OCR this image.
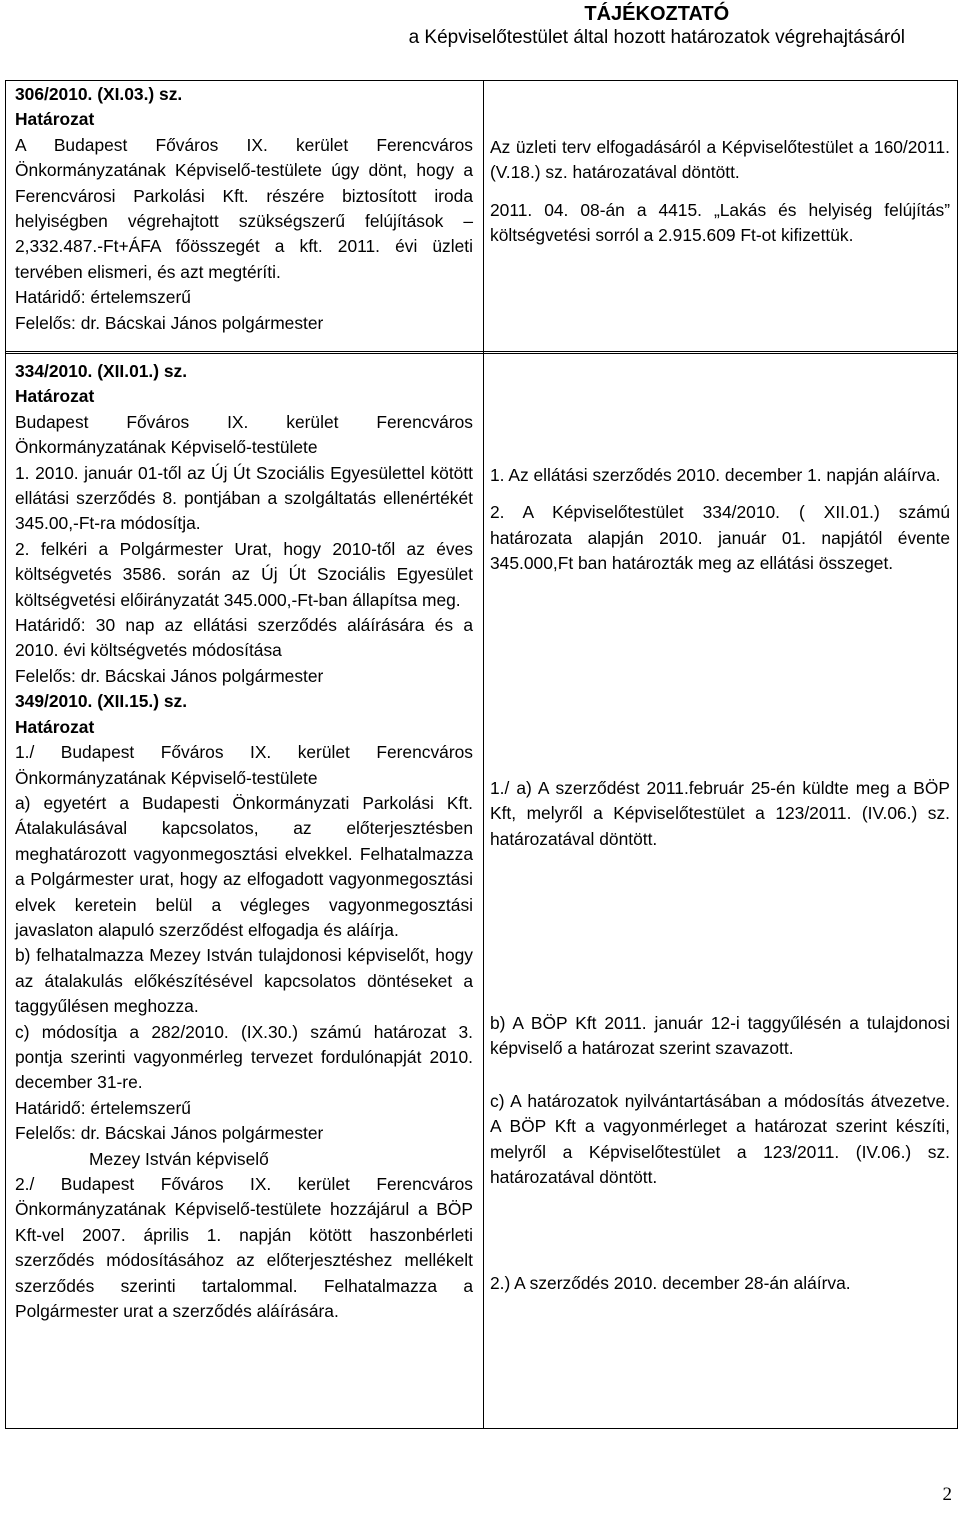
TÁJÉKOZTATÓ
a Képviselőtestület által hozott határozatok végrehajtásáról

306/2010. (XI.03.) sz.

Határozat

A Budapest Főváros IX. kerület Ferencváros Önkormányzatának Képviselő-testülete úgy dönt, hogy a Ferencvárosi Parkolási Kft. részére biztosított iroda helyiségben végrehajtott szükségszerű felújítások – 2,332.487.-Ft+ÁFA főösszegét a kft. 2011. évi üzleti tervében elismeri, és azt megtéríti.

Határidő: értelemszerű

Felelős: dr. Bácskai János polgármester

Az üzleti terv elfogadásáról a Képviselőtestület a 160/2011. (V.18.) sz. határozatával döntött.

2011. 04. 08-án a 4415. „Lakás és helyiség felújítás” költségvetési sorról a 2.915.609 Ft-ot kifizettük.

334/2010. (XII.01.) sz.

Határozat

Budapest Főváros IX. kerület Ferencváros

Önkormányzatának Képviselő-testülete

1. 2010. január 01-től az Új Út Szociális Egyesülettel kötött ellátási szerződés 8. pontjában a szolgáltatás ellenértékét 345.00,-Ft-ra módosítja.

2. felkéri a Polgármester Urat, hogy 2010-től az éves költségvetés 3586. során az Új Út Szociális Egyesület költségvetési előirányzatát 345.000,-Ft-ban állapítsa meg.

Határidő: 30 nap az ellátási szerződés aláírására és a 2010. évi költségvetés módosítása

Felelős: dr. Bácskai János polgármester

349/2010. (XII.15.) sz.

Határozat

1./ Budapest Főváros IX. kerület Ferencváros

Önkormányzatának Képviselő-testülete

a) egyetért a Budapesti Önkormányzati Parkolási Kft. Átalakulásával kapcsolatos, az előterjesztésben meghatározott vagyonmegosztási elvekkel. Felhatalmazza a Polgármester urat, hogy az elfogadott vagyonmegosztási elvek keretein belül a végleges vagyonmegosztási javaslaton alapuló szerződést elfogadja és aláírja.

b) felhatalmazza Mezey István tulajdonosi képviselőt, hogy az átalakulás előkészítésével kapcsolatos döntéseket a taggyűlésen meghozza.

c) módosítja a 282/2010. (IX.30.) számú határozat 3. pontja szerinti vagyonmérleg tervezet fordulónapját 2010. december 31-re.

Határidő: értelemszerű

Felelős: dr. Bácskai János polgármester

Mezey István képviselő

2./ Budapest Főváros IX. kerület Ferencváros Önkormányzatának Képviselő-testülete hozzájárul a BÖP Kft-vel 2007. április 1. napján kötött haszonbérleti szerződés módosításához az előterjesztéshez mellékelt szerződés szerinti tartalommal. Felhatalmazza a Polgármester urat a szerződés aláírására.

1. Az ellátási szerződés 2010. december 1. napján aláírva.

2. A Képviselőtestület 334/2010. ( XII.01.) számú határozata alapján 2010. január 01. napjától évente 345.000,Ft ban határozták meg az ellátási összeget.

1./ a) A szerződést 2011.február 25-én küldte meg a BÖP Kft, melyről a Képviselőtestület a 123/2011. (IV.06.) sz. határozatával döntött.

b) A BÖP Kft 2011. január 12-i taggyűlésén a tulajdonosi képviselő a határozat szerint szavazott.

c) A határozatok nyilvántartásában a módosítás átvezetve. A BÖP Kft a vagyonmérleget a határozat szerint készíti, melyről a Képviselőtestület a 123/2011. (IV.06.) sz. határozatával döntött.

2.) A szerződés 2010. december 28-án aláírva.

2
